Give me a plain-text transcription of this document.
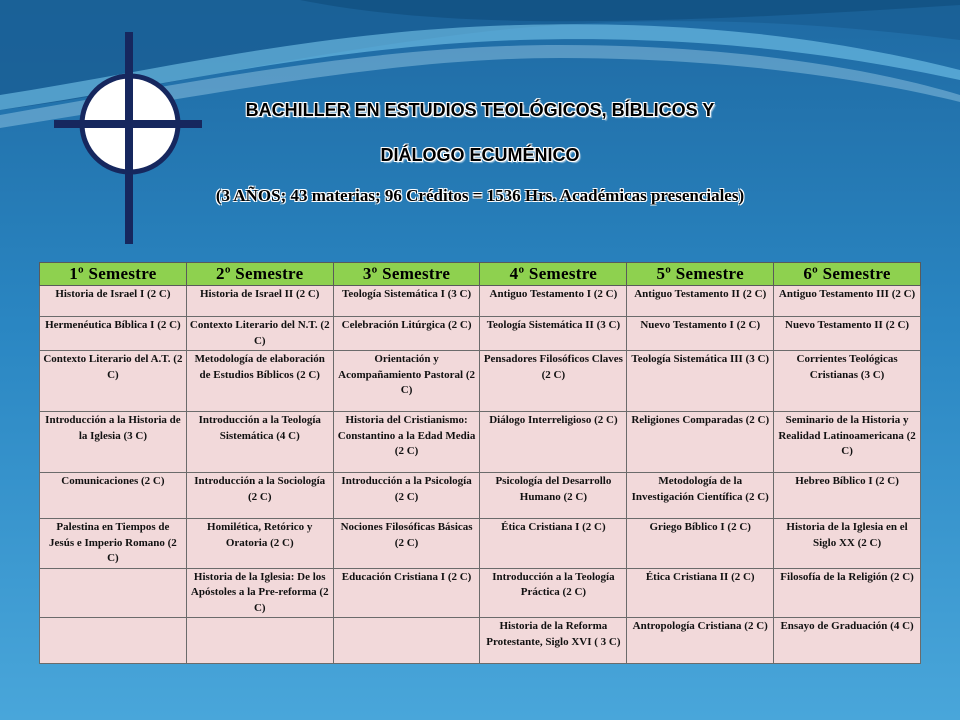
BACHILLER EN ESTUDIOS TEOLÓGICOS, BÍBLICOS Y
DIÁLOGO ECUMÉNICO
(3 AÑOS; 43 materias; 96 Créditos = 1536 Hrs. Académicas presenciales)
1º Semestre	2º Semestre	3º Semestre	4º Semestre	5º Semestre	6º Semestre
Historia de Israel I (2 C)	Historia de Israel II (2 C)	Teología Sistemática I (3 C)	Antiguo Testamento I (2 C)	Antiguo Testamento II (2 C)	Antiguo Testamento III (2 C)
Hermenéutica Bíblica I (2 C)	Contexto Literario del N.T. (2 C)	Celebración Litúrgica (2 C)	Teología Sistemática II (3 C)	Nuevo Testamento I (2 C)	Nuevo Testamento II (2 C)
Contexto Literario del A.T. (2 C)	Metodología de elaboración de Estudios Bíblicos (2 C)	Orientación y Acompañamiento Pastoral (2 C)	Pensadores Filosóficos Claves (2 C)	Teología Sistemática III (3 C)	Corrientes Teológicas Cristianas (3 C)
Introducción a la Historia de la Iglesia (3 C)	Introducción a la Teología Sistemática (4 C)	Historia del Cristianismo: Constantino a la Edad Media (2 C)	Diálogo Interreligioso (2 C)	Religiones Comparadas (2 C)	Seminario de la Historia y Realidad Latinoamericana (2 C)
Comunicaciones (2 C)	Introducción a la Sociología (2 C)	Introducción a la Psicología (2 C)	Psicología del Desarrollo Humano (2 C)	Metodología de la Investigación Científica (2 C)	Hebreo Bíblico I (2 C)
Palestina en Tiempos de Jesús e Imperio Romano (2 C)	Homilética, Retórico y Oratoria (2 C)	Nociones Filosóficas Básicas (2 C)	Ética Cristiana I (2 C)	Griego Bíblico I (2 C)	Historia de la Iglesia en el Siglo XX (2 C)
	Historia de la Iglesia: De los Apóstoles a la Pre-reforma (2 C)	Educación Cristiana I (2 C)	Introducción a la Teología Práctica (2 C)	Ética Cristiana II (2 C)	Filosofía de la Religión (2 C)
			Historia de la Reforma Protestante, Siglo XVI ( 3 C)	Antropología Cristiana (2 C)	Ensayo de Graduación (4 C)
